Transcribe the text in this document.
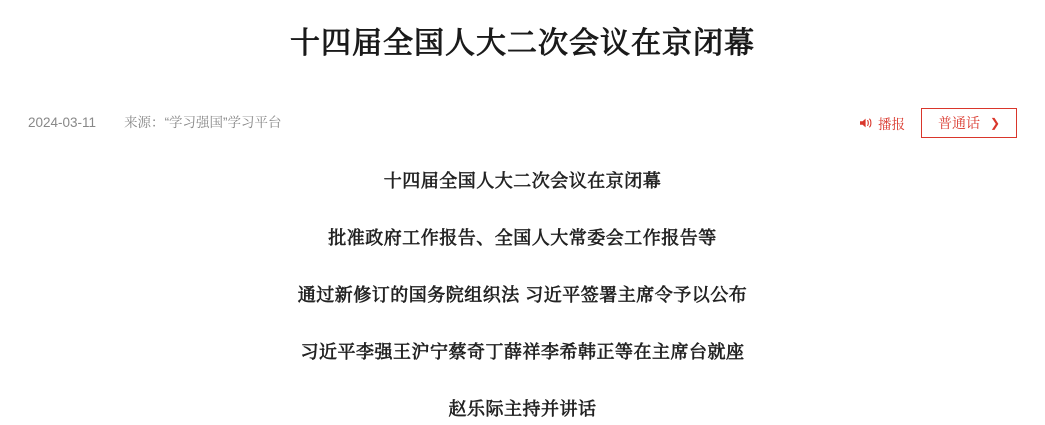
十四届全国人大二次会议在京闭幕
2024-03-11 来源： “学习强国”学习平台	播报 普通话 ❯

十四届全国人大二次会议在京闭幕

批准政府工作报告、全国人大常委会工作报告等

通过新修订的国务院组织法 习近平签署主席令予以公布

习近平李强王沪宁蔡奇丁薛祥李希韩正等在主席台就座

赵乐际主持并讲话
